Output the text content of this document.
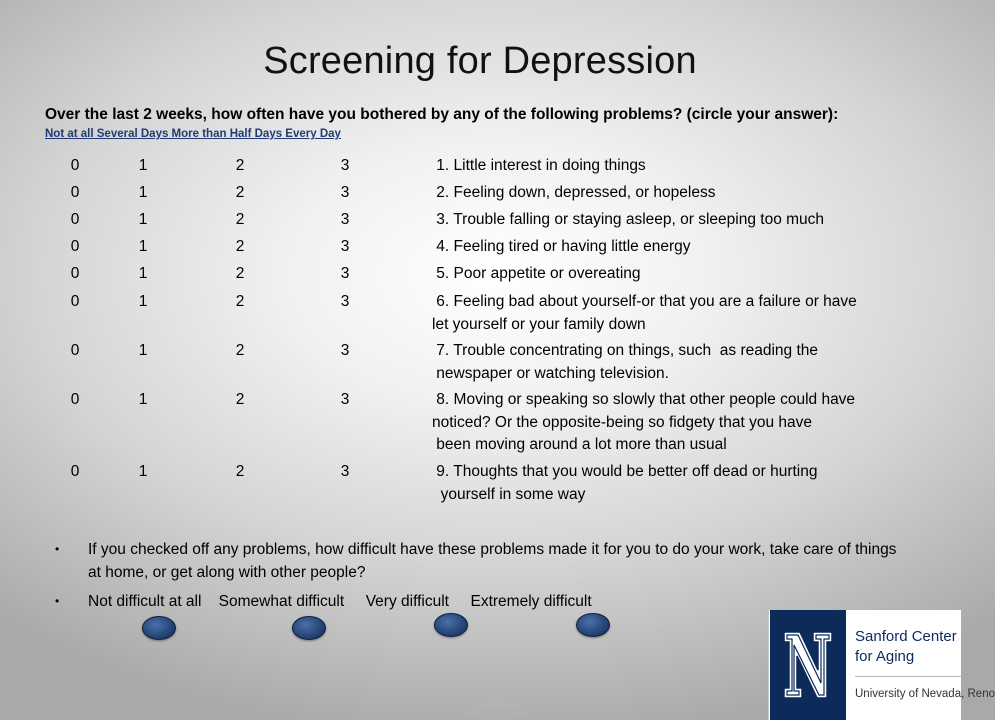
Screening for Depression
Over the last 2 weeks, how often have you bothered by any of the following problems? (circle your answer):
Not at all Several Days More than Half Days Every Day
0	1	2	3	1. Little interest in doing things
0	1	2	3	2. Feeling down, depressed, or hopeless
0	1	2	3	3. Trouble falling or staying asleep, or sleeping too much
0	1	2	3	4. Feeling tired or having little energy
0	1	2	3	5. Poor appetite or overeating
0	1	2	3	6. Feeling bad about yourself-or that you are a failure or have
let yourself or your family down
0	1	2	3	7. Trouble concentrating on things, such  as reading the
newspaper or watching television.
0	1	2	3	8. Moving or speaking so slowly that other people could have
noticed? Or the opposite-being so fidgety that you have
been moving around a lot more than usual
0	1	2	3	9. Thoughts that you would be better off dead or hurting
yourself in some way
• If you checked off any problems, how difficult have these problems made it for you to do your work, take care of things at home, or get along with other people?
• Not difficult at all    Somewhat difficult     Very difficult     Extremely difficult
Sanford Center
for Aging
University of Nevada, Reno
